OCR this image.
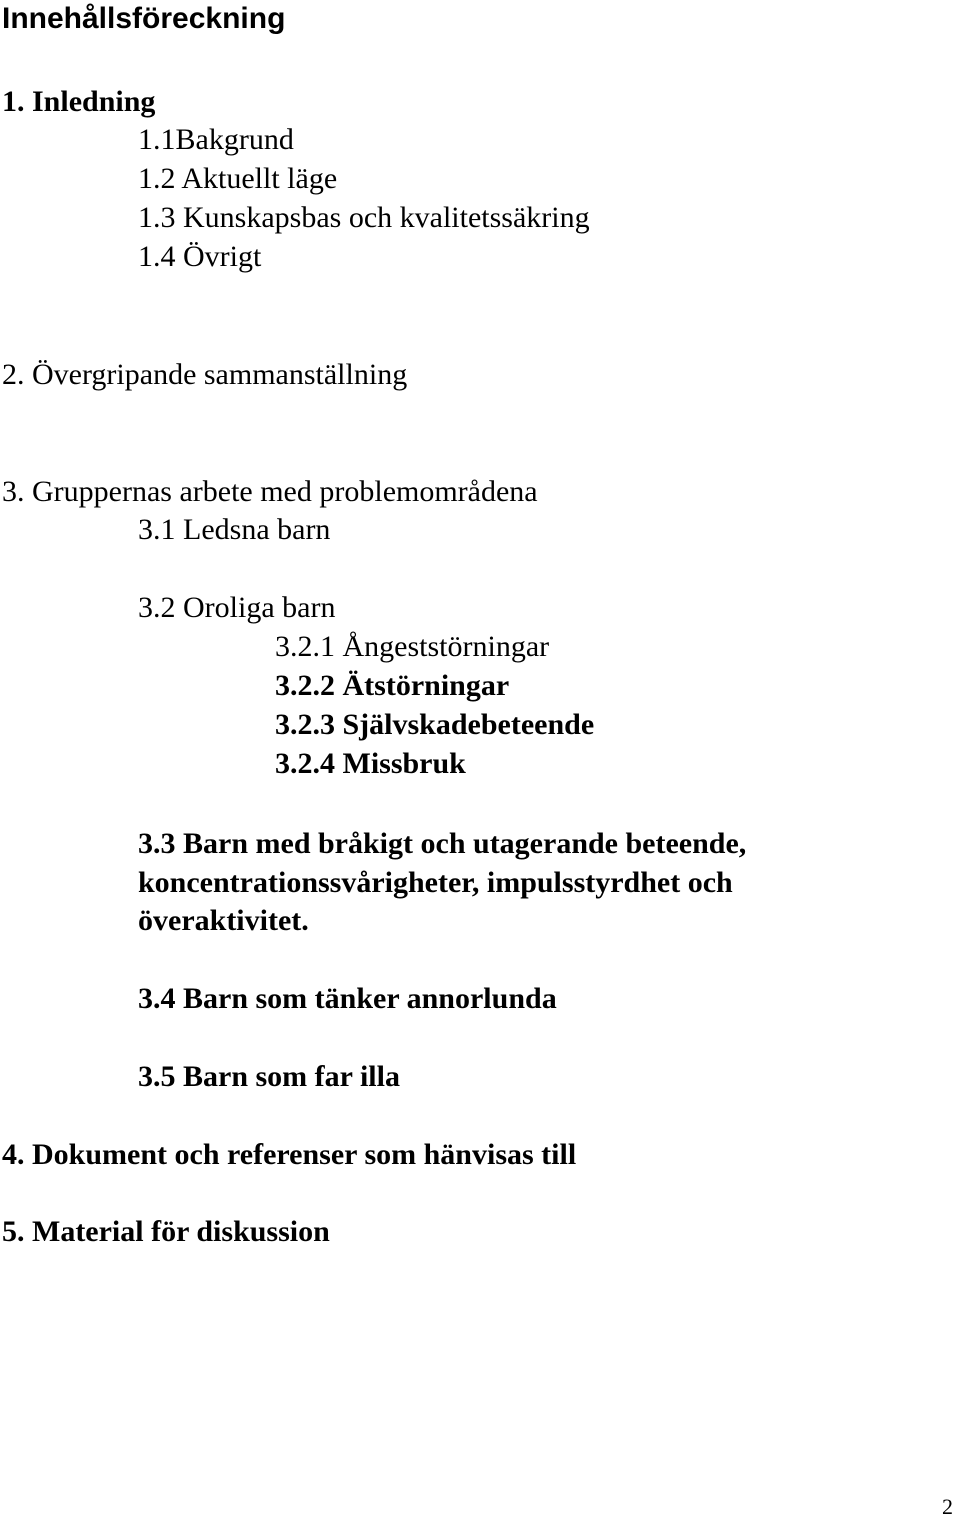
Innehållsföreckning
1. Inledning
1.1Bakgrund
1.2 Aktuellt läge
1.3 Kunskapsbas och kvalitetssäkring
1.4 Övrigt
2. Övergripande sammanställning
3. Gruppernas arbete med problemområdena
3.1 Ledsna barn
3.2 Oroliga barn
3.2.1 Ångeststörningar
3.2.2 Ätstörningar
3.2.3 Självskadebeteende
3.2.4 Missbruk
3.3 Barn med bråkigt och utagerande beteende,
koncentrationssvårigheter, impulsstyrdhet och
överaktivitet.
3.4 Barn som tänker annorlunda
3.5 Barn som far illa
4. Dokument och referenser som hänvisas till
5. Material för diskussion
2
